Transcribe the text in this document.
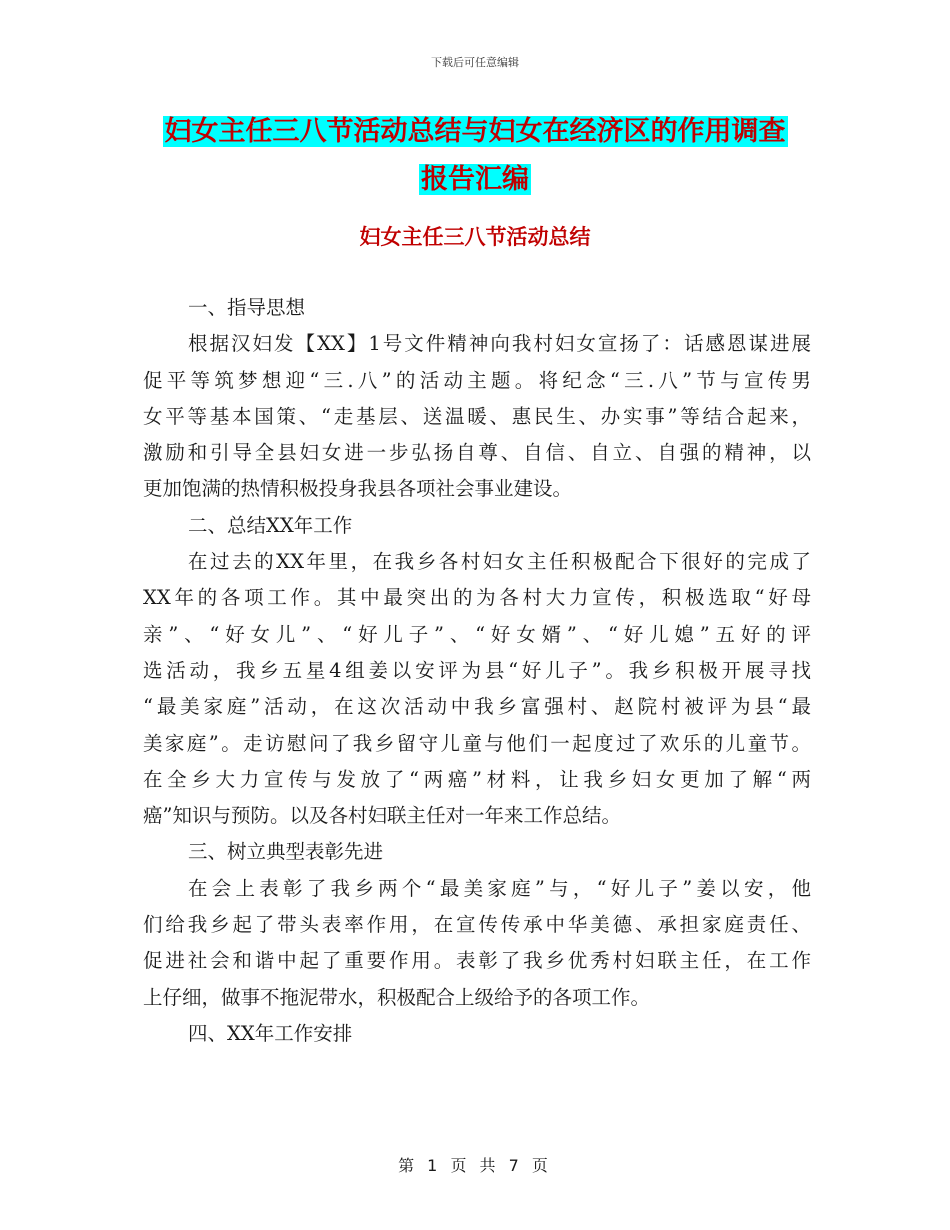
下载后可任意编辑
妇女主任三八节活动总结与妇女在经济区的作用调查
报告汇编
妇女主任三八节活动总结
一、指导思想
根据汉妇发【XX】1号文件精神向我村妇女宣扬了：话感恩谋进展
促平等筑梦想迎“三.八”的活动主题。将纪念“三.八”节与宣传男
女平等基本国策、“走基层、送温暖、惠民生、办实事”等结合起来，
激励和引导全县妇女进一步弘扬自尊、自信、自立、自强的精神，以
更加饱满的热情积极投身我县各项社会事业建设。
二、总结XX年工作
在过去的XX年里，在我乡各村妇女主任积极配合下很好的完成了
XX年的各项工作。其中最突出的为各村大力宣传，积极选取“好母
亲”、“好女儿”、“好儿子”、“好女婿”、“好儿媳”五好的评
选活动，我乡五星4组姜以安评为县“好儿子”。我乡积极开展寻找
“最美家庭”活动，在这次活动中我乡富强村、赵院村被评为县“最
美家庭”。走访慰问了我乡留守儿童与他们一起度过了欢乐的儿童节。
在全乡大力宣传与发放了“两癌”材料，让我乡妇女更加了解“两
癌”知识与预防。以及各村妇联主任对一年来工作总结。
三、树立典型表彰先进
在会上表彰了我乡两个“最美家庭”与，“好儿子”姜以安，他
们给我乡起了带头表率作用，在宣传传承中华美德、承担家庭责任、
促进社会和谐中起了重要作用。表彰了我乡优秀村妇联主任，在工作
上仔细，做事不拖泥带水，积极配合上级给予的各项工作。
四、XX年工作安排
第 1 页 共 7 页
